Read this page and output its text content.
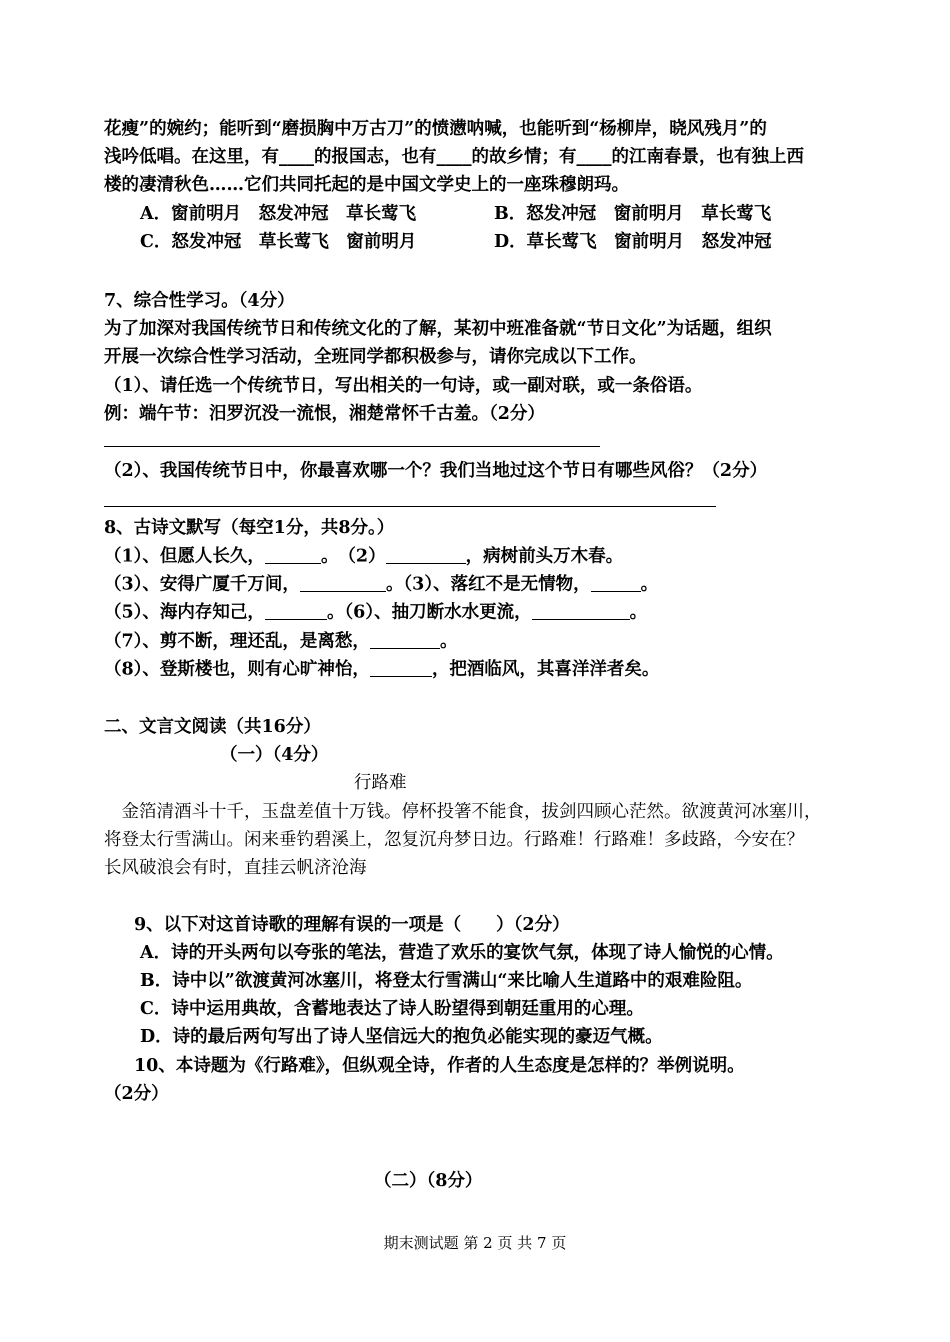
花瘦”的婉约；能听到“磨损胸中万古刀”的愤懑呐喊，也能听到“杨柳岸，晓风残月”的
浅吟低唱。在这里，有____的报国志，也有____的故乡情；有____的江南春景，也有独上西
楼的凄清秋色……它们共同托起的是中国文学史上的一座珠穆朗玛。
A．窗前明月　怒发冲冠　草长莺飞	B．怒发冲冠　窗前明月　草长莺飞
C．怒发冲冠　草长莺飞　窗前明月	D．草长莺飞　窗前明月　怒发冲冠
7、综合性学习。（4分）
为了加深对我国传统节日和传统文化的了解，某初中班准备就“节日文化”为话题，组织
开展一次综合性学习活动，全班同学都积极参与，请你完成以下工作。
（1）、请任选一个传统节日，写出相关的一句诗，或一副对联，或一条俗语。
例：端午节：汨罗沉没一流恨，湘楚常怀千古羞。（2分）
（2）、我国传统节日中，你最喜欢哪一个？我们当地过这个节日有哪些风俗？（2分）
8、古诗文默写（每空1分，共8分。）
（1）、但愿人长久，	。　（2）	，病树前头万木春。
（3）、安得广厦千万间，	。（3）、落红不是无情物，	。
（5）、海内存知己，	。（6）、抽刀断水水更流，	。
（7）、剪不断，理还乱，是离愁，	。
（8）、登斯楼也，则有心旷神怡，	，把酒临风，其喜洋洋者矣。
二、文言文阅读（共16分）
（一）（4分）
行路难
　金箔清酒斗十千，玉盘差值十万钱。停杯投箸不能食，拔剑四顾心茫然。欲渡黄河冰塞川，
将登太行雪满山。闲来垂钓碧溪上，忽复沉舟梦日边。行路难！行路难！多歧路，今安在？
长风破浪会有时，直挂云帆济沧海
9、以下对这首诗歌的理解有误的一项是（　　）（2分）
A．诗的开头两句以夸张的笔法，营造了欢乐的宴饮气氛，体现了诗人愉悦的心情。
B．诗中以”欲渡黄河冰塞川，将登太行雪满山“来比喻人生道路中的艰难险阻。
C．诗中运用典故，含蓄地表达了诗人盼望得到朝廷重用的心理。
D．诗的最后两句写出了诗人坚信远大的抱负必能实现的豪迈气概。
10、本诗题为《行路难》，但纵观全诗，作者的人生态度是怎样的？举例说明。
（2分）
（二）（8分）
期末测试题 第 2 页 共 7 页
